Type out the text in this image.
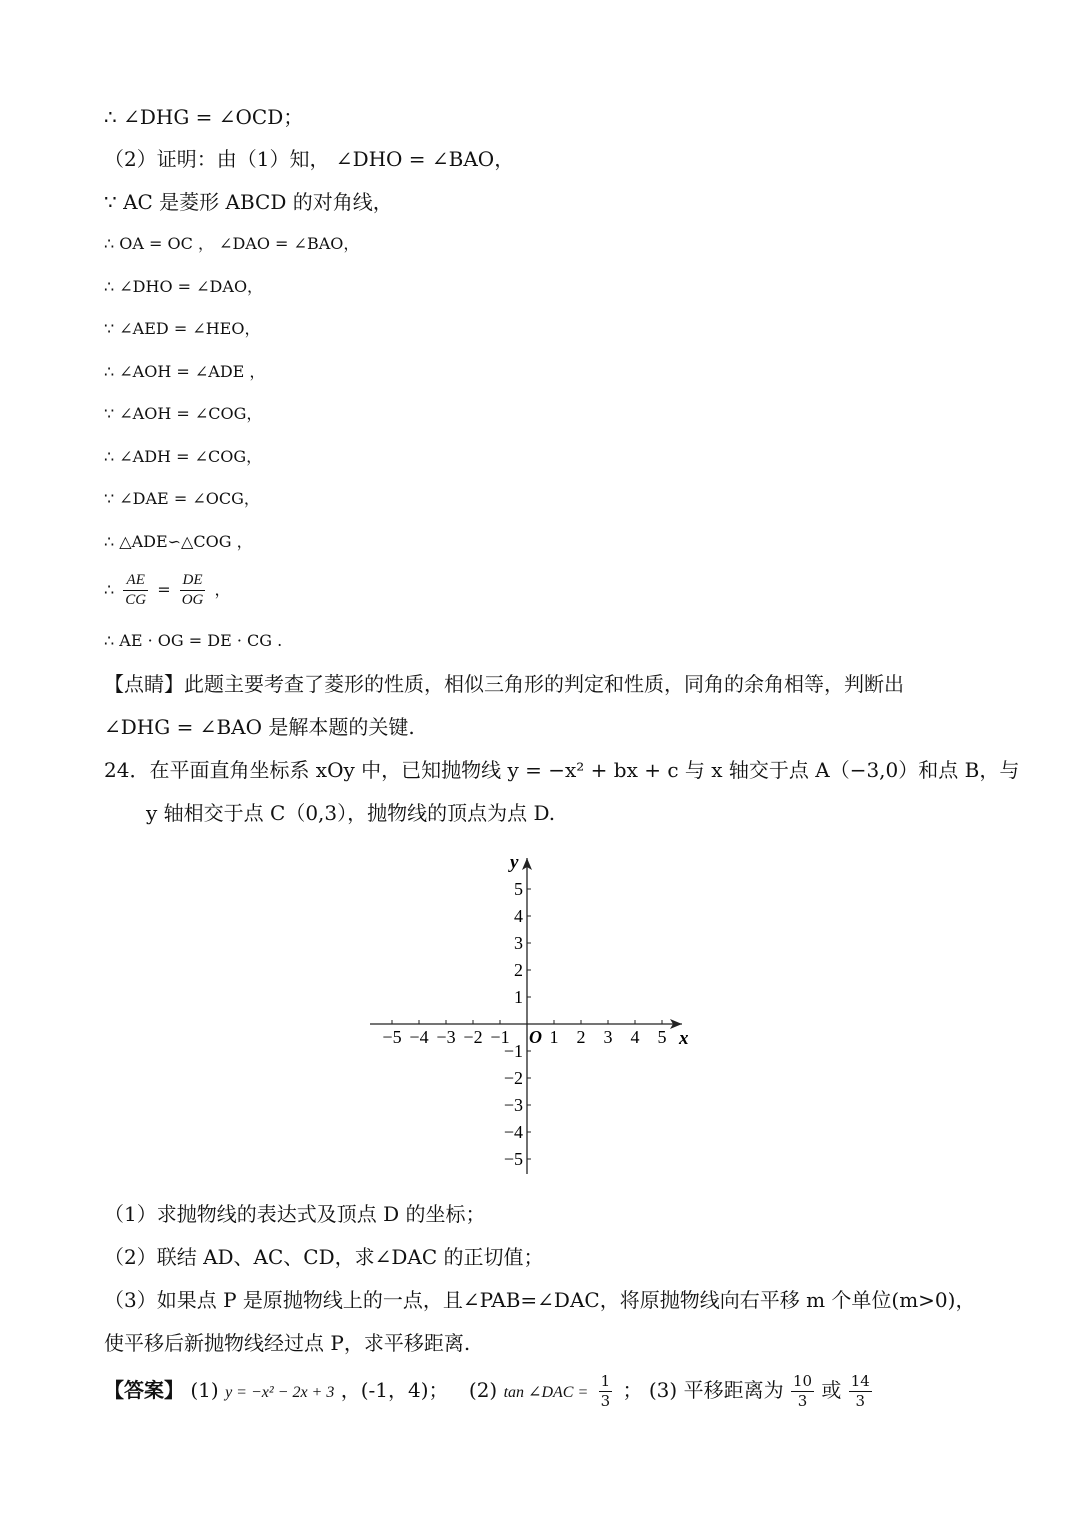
∴ ∠DHG = ∠OCD；
（2）证明：由（1）知， ∠DHO = ∠BAO，
∵ AC 是菱形 ABCD 的对角线，
∴ OA = OC ， ∠DAO = ∠BAO，
∴ ∠DHO = ∠DAO，
∵ ∠AED = ∠HEO，
∴ ∠AOH = ∠ADE ，
∵ ∠AOH = ∠COG，
∴ ∠ADH = ∠COG，
∵ ∠DAE = ∠OCG，
∴ △ADE∽△COG ，
∴ $\frac{AE}{CG} = \frac{DE}{OG}$ ，
∴ AE · OG = DE · CG .
【点睛】此题主要考查了菱形的性质，相似三角形的判定和性质，同角的余角相等，判断出
∠DHG = ∠BAO 是解本题的关键.
24．在平面直角坐标系 xOy 中，已知抛物线 y = −x² + bx + c 与 x 轴交于点 A（−3,0）和点 B，与
y 轴相交于点 C（0,3），抛物线的顶点为点 D.
x
y
O
−5 −4 −3 −2 −1 1 2 3 4 5
5
4
3
2
1
−1
−2
−3
−4
−5
（1）求抛物线的表达式及顶点 D 的坐标；
（2）联结 AD、AC、CD，求∠DAC 的正切值；
（3）如果点 P 是原抛物线上的一点，且∠PAB=∠DAC，将原抛物线向右平移 m 个单位(m>0)，
使平移后新抛物线经过点 P，求平移距离.
【答案】 (1) y = −x² − 2x + 3 ，(-1，4)； (2) tan ∠DAC = $\frac{1}{3}$ ； (3) 平移距离为 $\frac{10}{3}$ 或 $\frac{14}{3}$
